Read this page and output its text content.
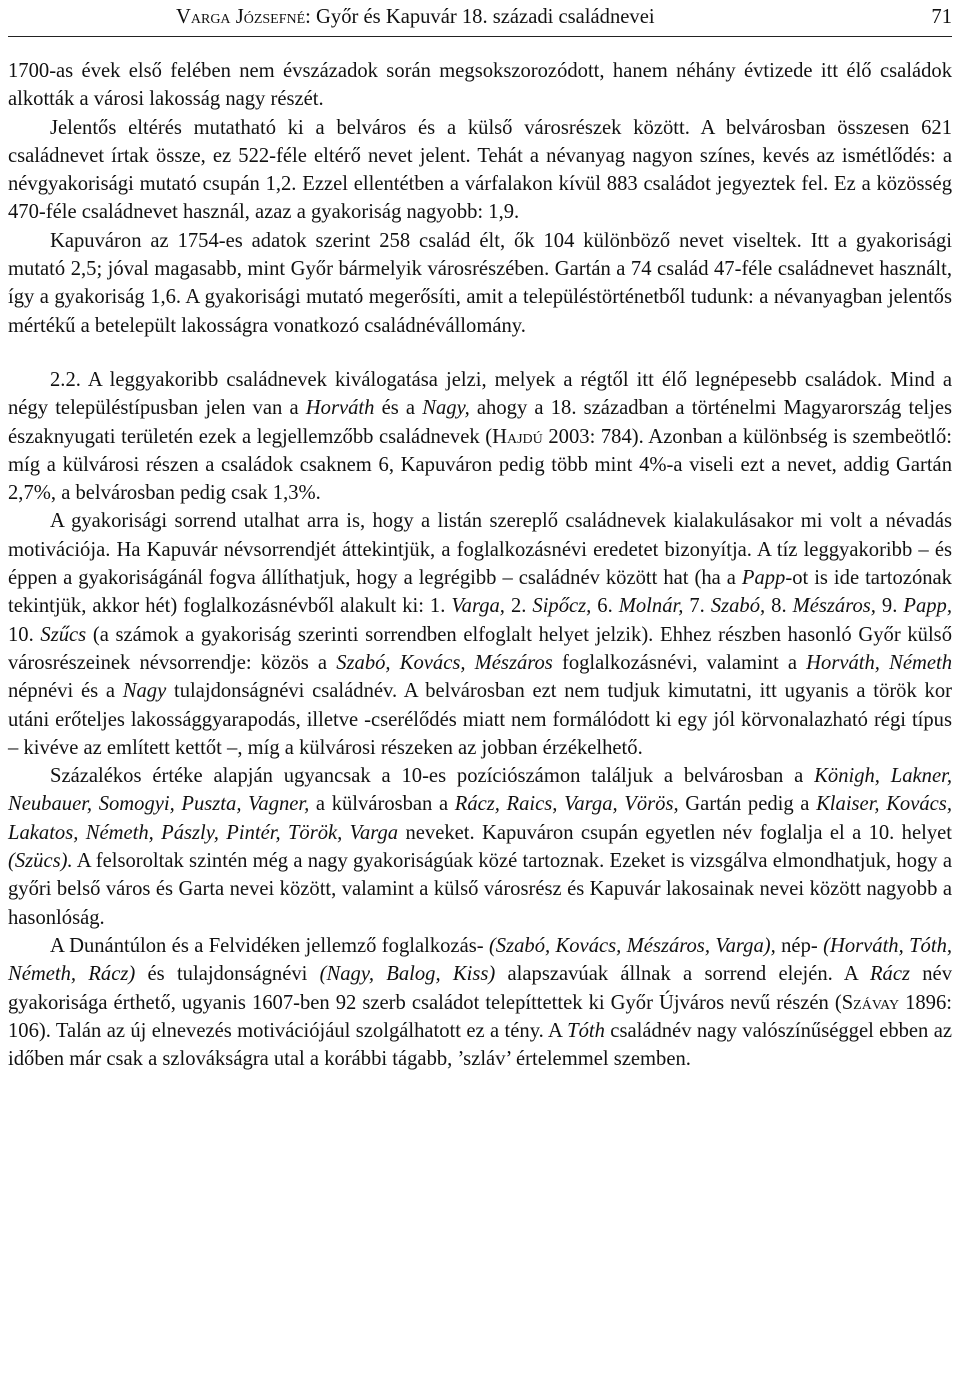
Varga Józsefné: Győr és Kapuvár 18. századi családnevei	71

1700-as évek első felében nem évszázadok során megsokszorozódott, hanem néhány évtizede itt élő családok alkották a városi lakosság nagy részét.

Jelentős eltérés mutatható ki a belváros és a külső városrészek között. A belvárosban összesen 621 családnevet írtak össze, ez 522-féle eltérő nevet jelent. Tehát a névanyag nagyon színes, kevés az ismétlődés: a névgyakorisági mutató csupán 1,2. Ezzel ellentétben a várfalakon kívül 883 családot jegyeztek fel. Ez a közösség 470-féle családnevet használ, azaz a gyakoriság nagyobb: 1,9.

Kapuváron az 1754-es adatok szerint 258 család élt, ők 104 különböző nevet viseltek. Itt a gyakorisági mutató 2,5; jóval magasabb, mint Győr bármelyik városrészében. Gartán a 74 család 47-féle családnevet használt, így a gyakoriság 1,6. A gyakorisági mutató megerősíti, amit a településtörténetből tudunk: a névanyagban jelentős mértékű a betelepült lakosságra vonatkozó családnévállomány.

2.2. A leggyakoribb családnevek kiválogatása jelzi, melyek a régtől itt élő legnépesebb családok. Mind a négy településtípusban jelen van a Horváth és a Nagy, ahogy a 18. században a történelmi Magyarország teljes északnyugati területén ezek a legjellemzőbb családnevek (Hajdú 2003: 784). Azonban a különbség is szembeötlő: míg a külvárosi részen a családok csaknem 6, Kapuváron pedig több mint 4%-a viseli ezt a nevet, addig Gartán 2,7%, a belvárosban pedig csak 1,3%.

A gyakorisági sorrend utalhat arra is, hogy a listán szereplő családnevek kialakulásakor mi volt a névadás motivációja. Ha Kapuvár névsorrendjét áttekintjük, a foglalkozásnévi eredetet bizonyítja. A tíz leggyakoribb – és éppen a gyakoriságánál fogva állíthatjuk, hogy a legrégibb – családnév között hat (ha a Papp-ot is ide tartozónak tekintjük, akkor hét) foglalkozásnévből alakult ki: 1. Varga, 2. Sipőcz, 6. Molnár, 7. Szabó, 8. Mészáros, 9. Papp, 10. Szűcs (a számok a gyakoriság szerinti sorrendben elfoglalt helyet jelzik). Ehhez részben hasonló Győr külső városrészeinek névsorrendje: közös a Szabó, Kovács, Mészáros foglalkozásnévi, valamint a Horváth, Németh népnévi és a Nagy tulajdonságnévi családnév. A belvárosban ezt nem tudjuk kimutatni, itt ugyanis a török kor utáni erőteljes lakossággyarapodás, illetve -cserélődés miatt nem formálódott ki egy jól körvonalazható régi típus – kivéve az említett kettőt –, míg a külvárosi részeken az jobban érzékelhető.

Százalékos értéke alapján ugyancsak a 10-es pozíciószámon találjuk a belvárosban a Königh, Lakner, Neubauer, Somogyi, Puszta, Vagner, a külvárosban a Rácz, Raics, Varga, Vörös, Gartán pedig a Klaiser, Kovács, Lakatos, Németh, Pászly, Pintér, Török, Varga neveket. Kapuváron csupán egyetlen név foglalja el a 10. helyet (Szücs). A felsoroltak szintén még a nagy gyakoriságúak közé tartoznak. Ezeket is vizsgálva elmondhatjuk, hogy a győri belső város és Garta nevei között, valamint a külső városrész és Kapuvár lakosainak nevei között nagyobb a hasonlóság.

A Dunántúlon és a Felvidéken jellemző foglalkozás- (Szabó, Kovács, Mészáros, Varga), nép- (Horváth, Tóth, Németh, Rácz) és tulajdonságnévi (Nagy, Balog, Kiss) alapszavúak állnak a sorrend elején. A Rácz név gyakorisága érthető, ugyanis 1607-ben 92 szerb családot telepíttettek ki Győr Újváros nevű részén (Szávay 1896: 106). Talán az új elnevezés motivációjául szolgálhatott ez a tény. A Tóth családnév nagy valószínűséggel ebben az időben már csak a szlovákságra utal a korábbi tágabb, ’szláv’ értelemmel szemben.
